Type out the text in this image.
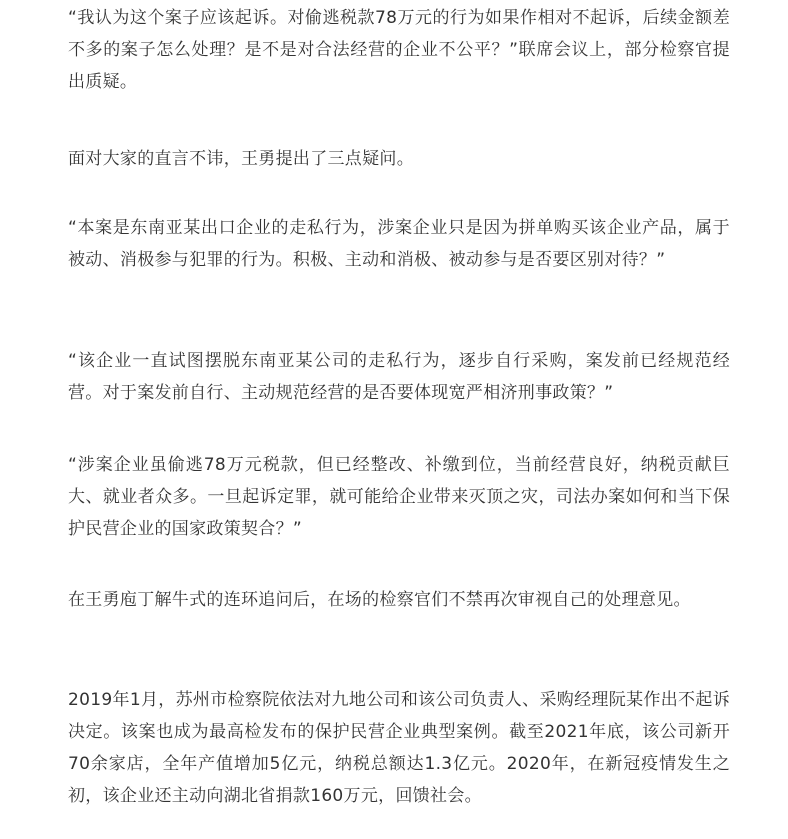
“我认为这个案子应该起诉。对偷逃税款78万元的行为如果作相对不起诉，后续金额差不多的案子怎么处理？是不是对合法经营的企业不公平？”联席会议上，部分检察官提出质疑。

面对大家的直言不讳，王勇提出了三点疑问。

“本案是东南亚某出口企业的走私行为，涉案企业只是因为拼单购买该企业产品，属于被动、消极参与犯罪的行为。积极、主动和消极、被动参与是否要区别对待？”

“该企业一直试图摆脱东南亚某公司的走私行为，逐步自行采购，案发前已经规范经营。对于案发前自行、主动规范经营的是否要体现宽严相济刑事政策？”

“涉案企业虽偷逃78万元税款，但已经整改、补缴到位，当前经营良好，纳税贡献巨大、就业者众多。一旦起诉定罪，就可能给企业带来灭顶之灾，司法办案如何和当下保护民营企业的国家政策契合？”

在王勇庖丁解牛式的连环追问后，在场的检察官们不禁再次审视自己的处理意见。

2019年1月，苏州市检察院依法对九地公司和该公司负责人、采购经理阮某作出不起诉决定。该案也成为最高检发布的保护民营企业典型案例。截至2021年底，该公司新开70余家店，全年产值增加5亿元，纳税总额达1.3亿元。2020年，在新冠疫情发生之初，该企业还主动向湖北省捐款160万元，回馈社会。
